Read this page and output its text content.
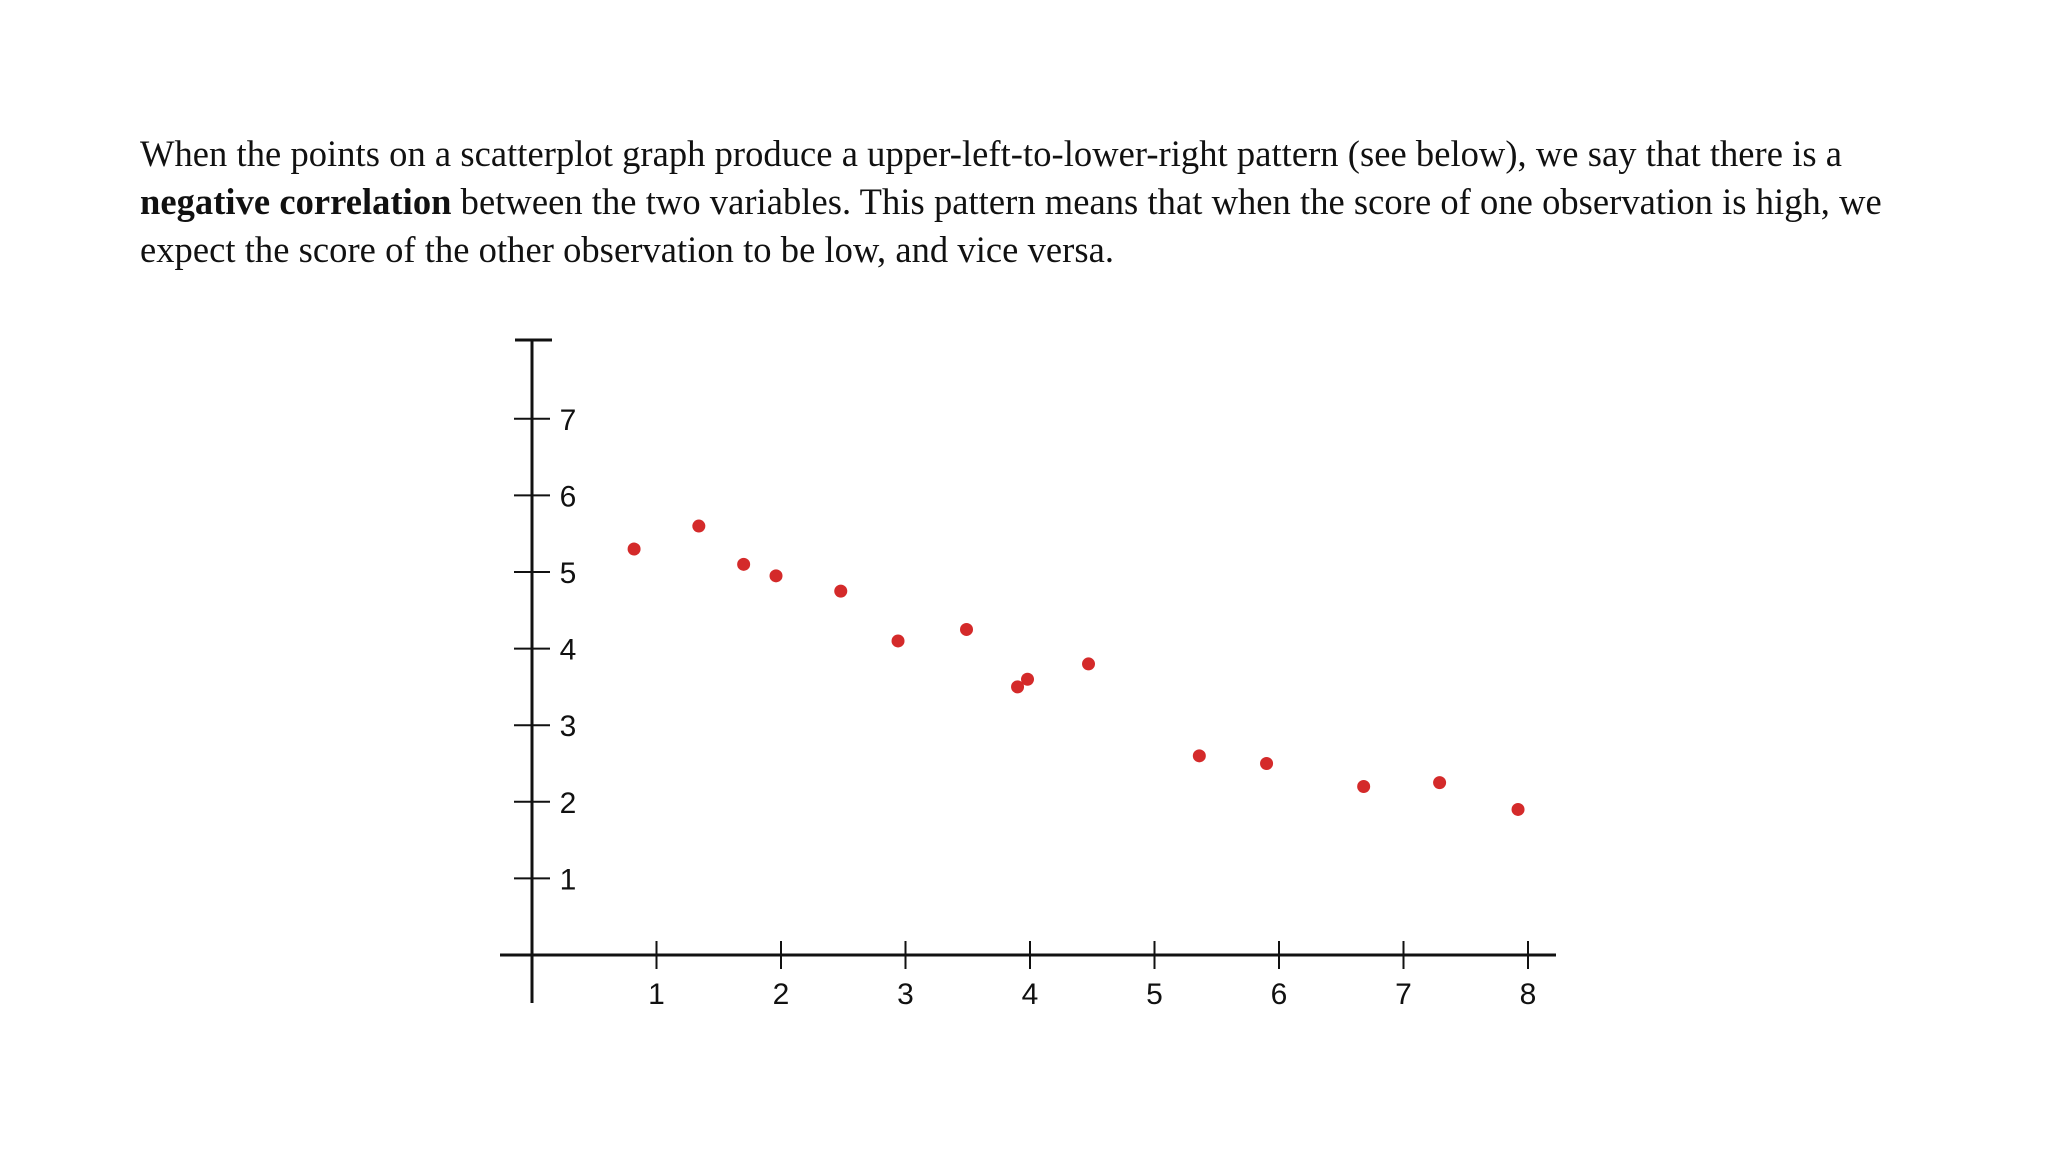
When the points on a scatterplot graph produce a upper-left-to-lower-right pattern (see below), we say that there is a negative correlation between the two variables. This pattern means that when the score of one observation is high, we expect the score of the other observation to be low, and vice versa.

1	2	3	4	5	6	7	8
1
2
3
4
5
6
7
